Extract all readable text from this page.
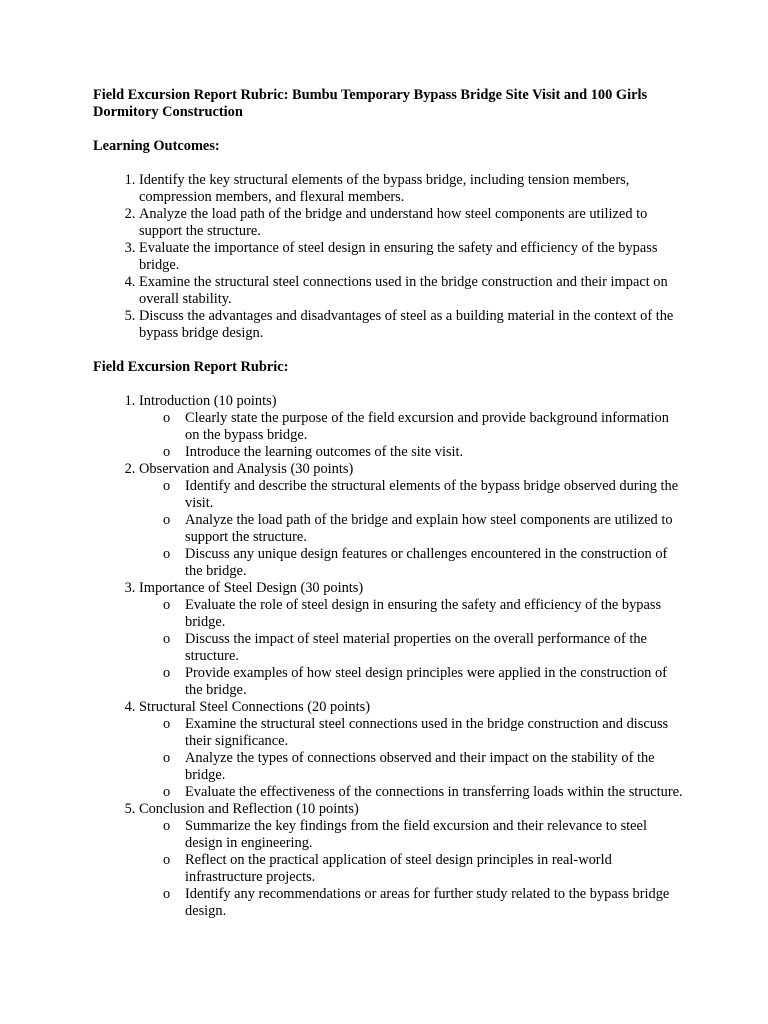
Field Excursion Report Rubric: Bumbu Temporary Bypass Bridge Site Visit and 100 Girls Dormitory Construction

Learning Outcomes:

1. Identify the key structural elements of the bypass bridge, including tension members, compression members, and flexural members.
2. Analyze the load path of the bridge and understand how steel components are utilized to support the structure.
3. Evaluate the importance of steel design in ensuring the safety and efficiency of the bypass bridge.
4. Examine the structural steel connections used in the bridge construction and their impact on overall stability.
5. Discuss the advantages and disadvantages of steel as a building material in the context of the bypass bridge design.

Field Excursion Report Rubric:

1. Introduction (10 points)
o Clearly state the purpose of the field excursion and provide background information on the bypass bridge.
o Introduce the learning outcomes of the site visit.
2. Observation and Analysis (30 points)
o Identify and describe the structural elements of the bypass bridge observed during the visit.
o Analyze the load path of the bridge and explain how steel components are utilized to support the structure.
o Discuss any unique design features or challenges encountered in the construction of the bridge.
3. Importance of Steel Design (30 points)
o Evaluate the role of steel design in ensuring the safety and efficiency of the bypass bridge.
o Discuss the impact of steel material properties on the overall performance of the structure.
o Provide examples of how steel design principles were applied in the construction of the bridge.
4. Structural Steel Connections (20 points)
o Examine the structural steel connections used in the bridge construction and discuss their significance.
o Analyze the types of connections observed and their impact on the stability of the bridge.
o Evaluate the effectiveness of the connections in transferring loads within the structure.
5. Conclusion and Reflection (10 points)
o Summarize the key findings from the field excursion and their relevance to steel design in engineering.
o Reflect on the practical application of steel design principles in real-world infrastructure projects.
o Identify any recommendations or areas for further study related to the bypass bridge design.
